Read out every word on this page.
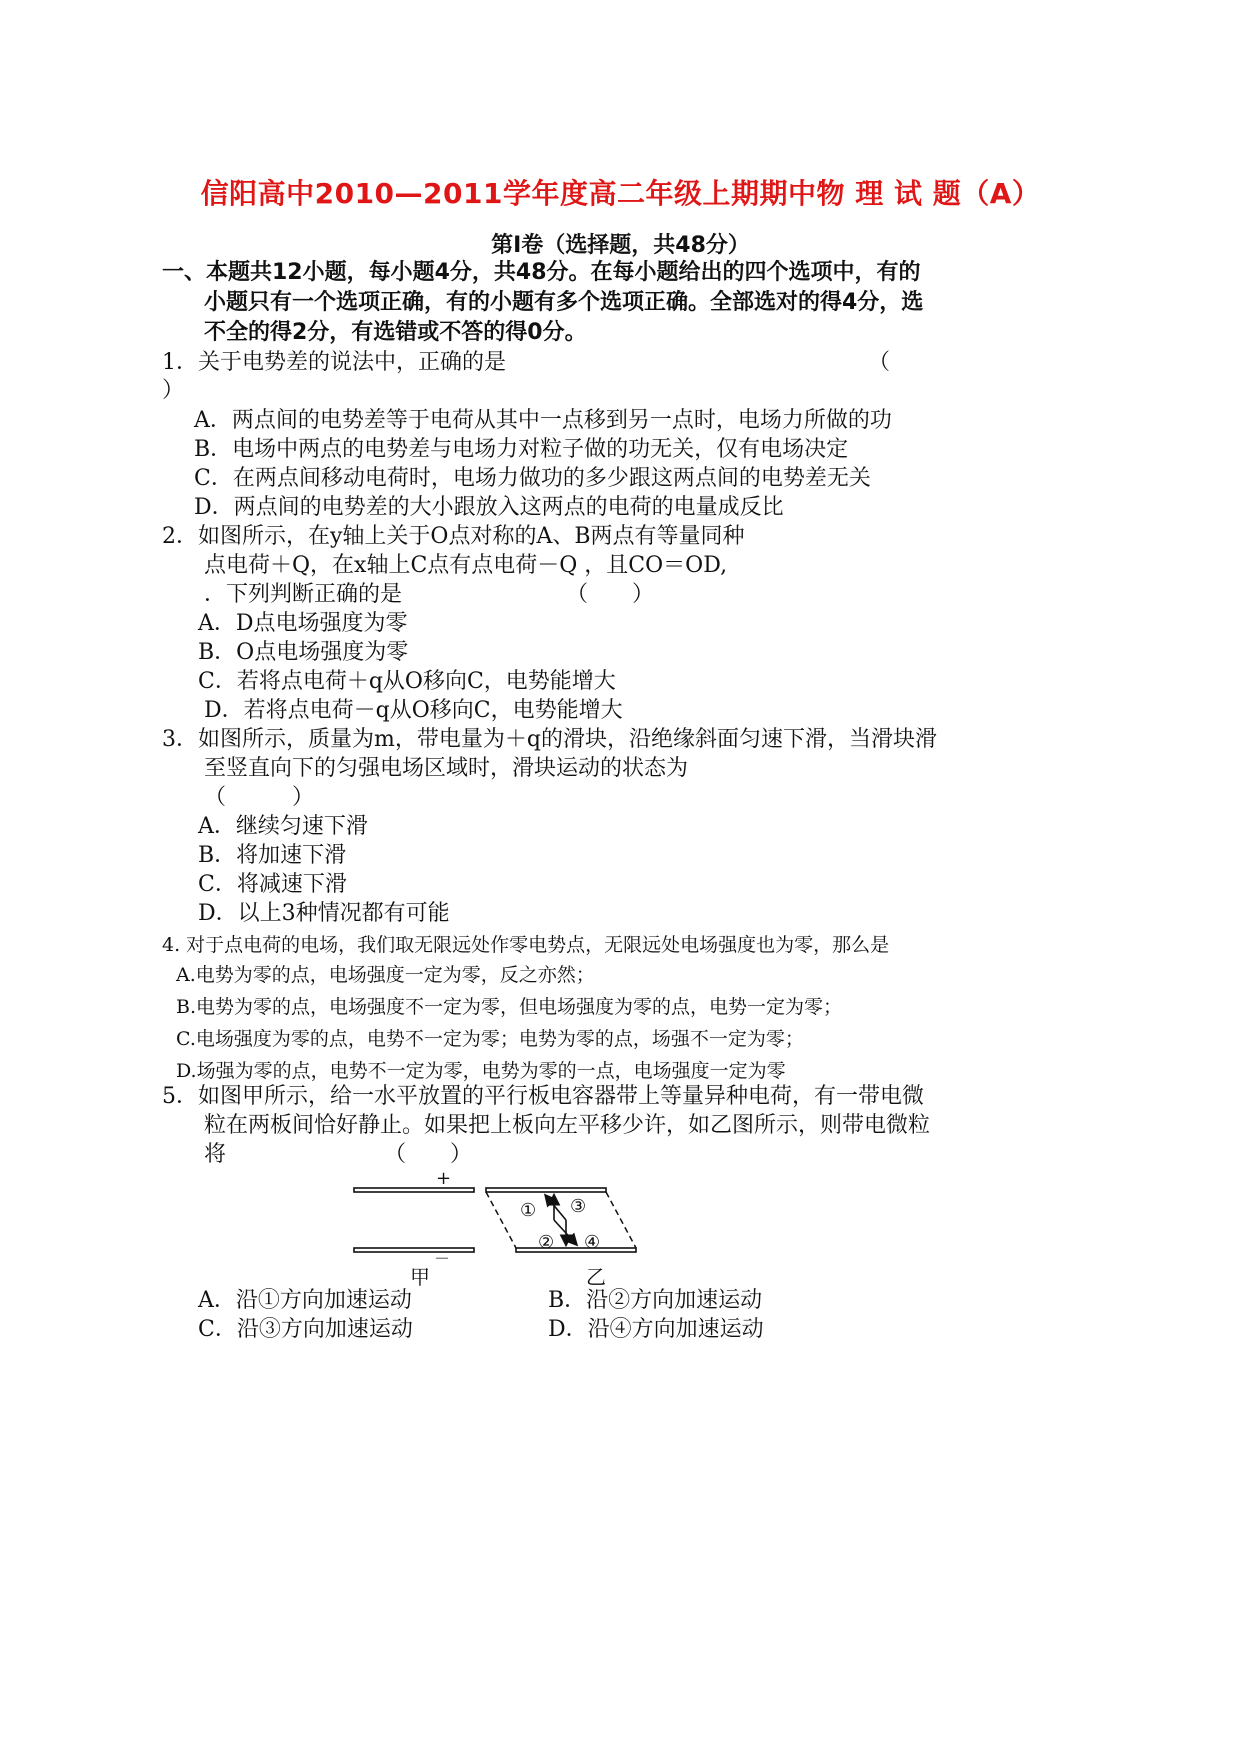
信阳高中2010—2011学年度高二年级上期期中物 理 试 题（A）
第Ⅰ卷（选择题，共48分）
一、本题共12小题，每小题4分，共48分。在每小题给出的四个选项中，有的
小题只有一个选项正确，有的小题有多个选项正确。全部选对的得4分，选
不全的得2分，有选错或不答的得0分。
1．关于电势差的说法中，正确的是	（
）
A．两点间的电势差等于电荷从其中一点移到另一点时，电场力所做的功
B．电场中两点的电势差与电场力对粒子做的功无关，仅有电场决定
C．在两点间移动电荷时，电场力做功的多少跟这两点间的电势差无关
D．两点间的电势差的大小跟放入这两点的电荷的电量成反比
2．如图所示，在y轴上关于O点对称的A、B两点有等量同种
点电荷＋Q，在x轴上C点有点电荷－Q ，且CO＝OD,
．下列判断正确的是	（　　）
A．D点电场强度为零
B．O点电场强度为零
C．若将点电荷＋q从O移向C，电势能增大
D．若将点电荷－q从O移向C，电势能增大
3．如图所示，质量为m，带电量为＋q的滑块，沿绝缘斜面匀速下滑，当滑块滑
至竖直向下的匀强电场区域时，滑块运动的状态为
（　　　）
A．继续匀速下滑
B．将加速下滑
C．将减速下滑
D．以上3种情况都有可能
4. 对于点电荷的电场，我们取无限远处作零电势点，无限远处电场强度也为零，那么是
A.电势为零的点，电场强度一定为零，反之亦然；
B.电势为零的点，电场强度不一定为零，但电场强度为零的点，电势一定为零；
C.电场强度为零的点，电势不一定为零；电势为零的点，场强不一定为零；
D.场强为零的点，电势不一定为零，电势为零的一点，电场强度一定为零
5．如图甲所示，给一水平放置的平行板电容器带上等量异种电荷，有一带电微
粒在两板间恰好静止。如果把上板向左平移少许，如乙图所示，则带电微粒
将	（　　）
+
－
甲
① ③
② ④
乙
A．沿①方向加速运动	B．沿②方向加速运动
C．沿③方向加速运动	D．沿④方向加速运动
